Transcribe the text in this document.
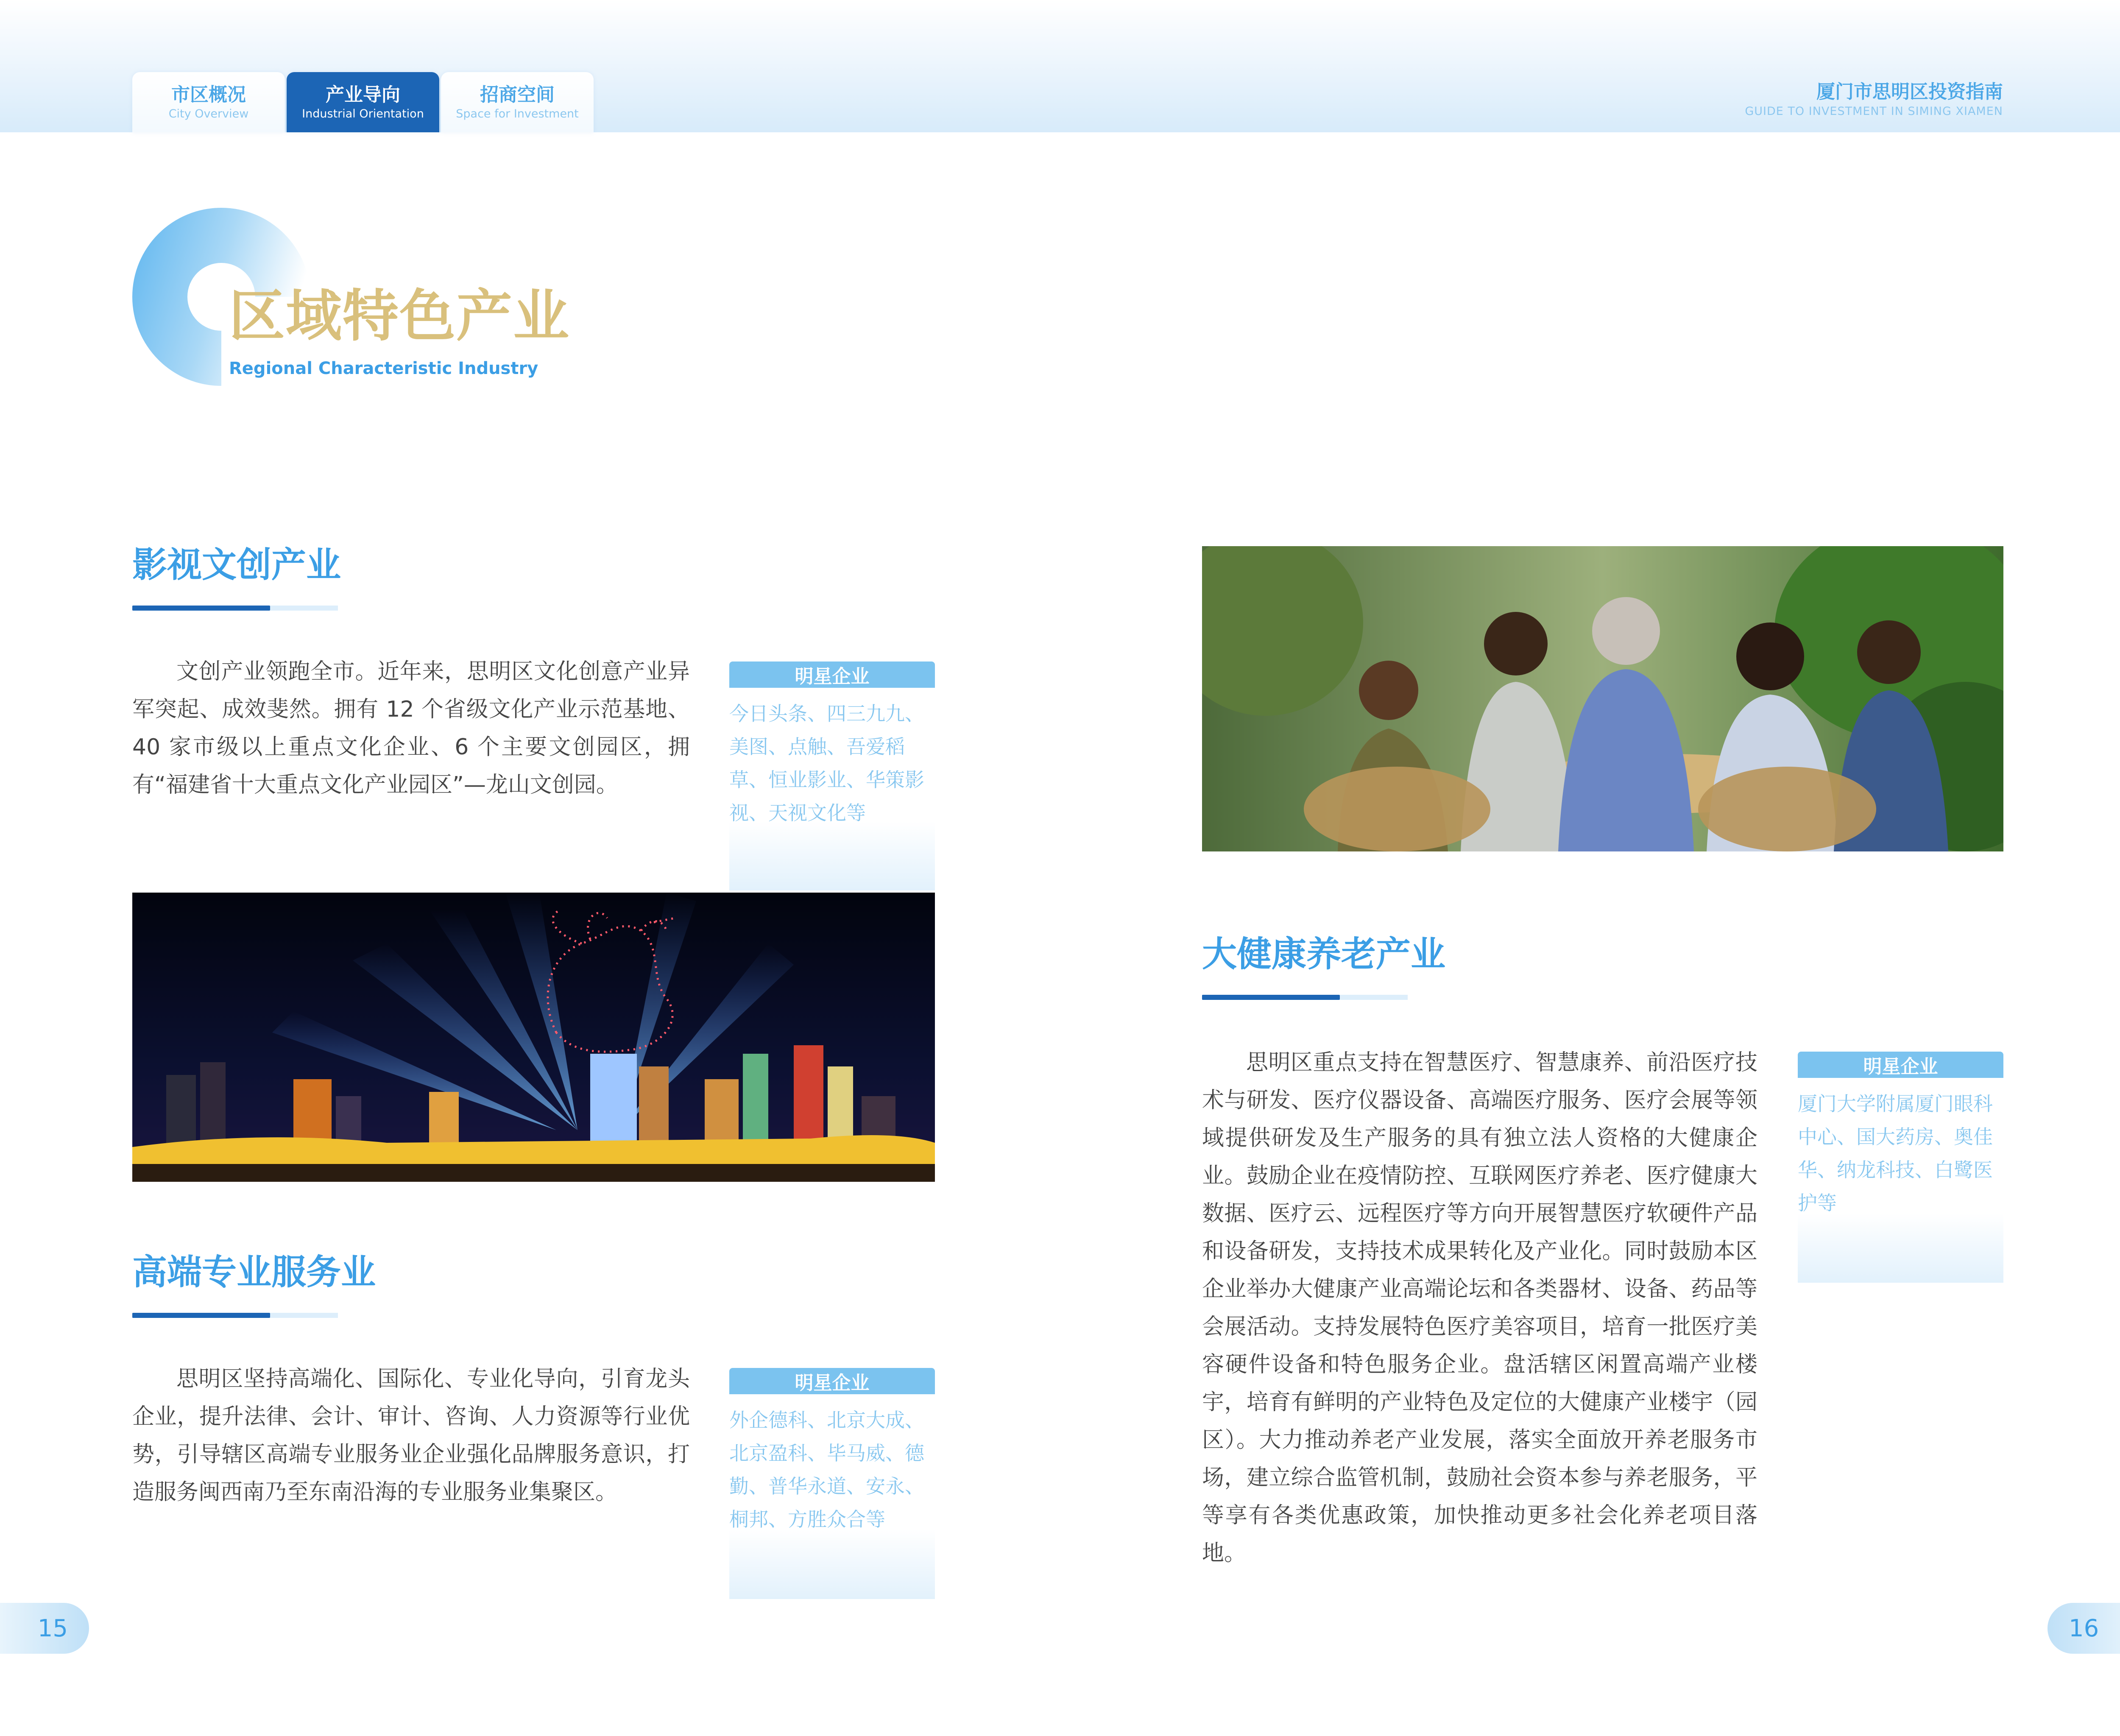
市区概况
City Overview
产业导向
Industrial Orientation
招商空间
Space for Investment
厦门市思明区投资指南
GUIDE TO INVESTMENT IN SIMING XIAMEN
区域特色产业
Regional Characteristic Industry
影视文创产业
文创产业领跑全市。近年来，思明区文化创意产业异军突起、成效斐然。拥有 12 个省级文化产业示范基地、40 家市级以上重点文化企业、6 个主要文创园区，拥有“福建省十大重点文化产业园区”—龙山文创园。
明星企业
今日头条、四三九九、美图、点触、吾爱稻草、恒业影业、华策影视、天视文化等
高端专业服务业
思明区坚持高端化、国际化、专业化导向，引育龙头企业，提升法律、会计、审计、咨询、人力资源等行业优势，引导辖区高端专业服务业企业强化品牌服务意识，打造服务闽西南乃至东南沿海的专业服务业集聚区。
明星企业
外企德科、北京大成、北京盈科、毕马威、德勤、普华永道、安永、桐邦、方胜众合等
大健康养老产业
思明区重点支持在智慧医疗、智慧康养、前沿医疗技术与研发、医疗仪器设备、高端医疗服务、医疗会展等领域提供研发及生产服务的具有独立法人资格的大健康企业。鼓励企业在疫情防控、互联网医疗养老、医疗健康大数据、医疗云、远程医疗等方向开展智慧医疗软硬件产品和设备研发，支持技术成果转化及产业化。同时鼓励本区企业举办大健康产业高端论坛和各类器材、设备、药品等会展活动。支持发展特色医疗美容项目，培育一批医疗美容硬件设备和特色服务企业。盘活辖区闲置高端产业楼宇，培育有鲜明的产业特色及定位的大健康产业楼宇（园区）。大力推动养老产业发展，落实全面放开养老服务市场，建立综合监管机制，鼓励社会资本参与养老服务，平等享有各类优惠政策，加快推动更多社会化养老项目落地。
明星企业
厦门大学附属厦门眼科中心、国大药房、奥佳华、纳龙科技、白鹭医护等
15	16
